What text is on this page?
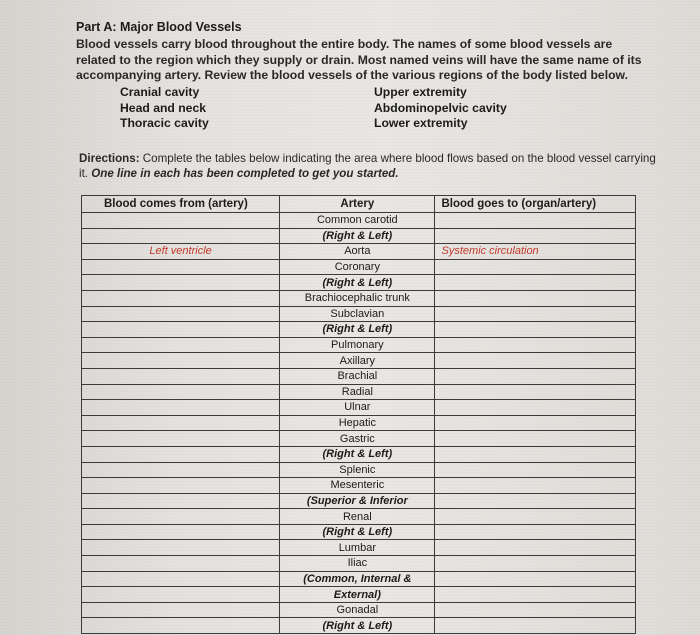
Part A: Major Blood Vessels
Blood vessels carry blood throughout the entire body. The names of some blood vessels are related to the region which they supply or drain. Most named veins will have the same name of its accompanying artery. Review the blood vessels of the various regions of the body listed below.
Cranial cavity
Head and neck
Thoracic cavity
Upper extremity
Abdominopelvic cavity
Lower extremity
Directions: Complete the tables below indicating the area where blood flows based on the blood vessel carrying it. One line in each has been completed to get you started.
Blood comes from (artery)	Artery	Blood goes to (organ/artery)
	Common carotid	
	(Right & Left)	
Left ventricle	Aorta	Systemic circulation
	Coronary	
	(Right & Left)	
	Brachiocephalic trunk	
	Subclavian	
	(Right & Left)	
	Pulmonary	
	Axillary	
	Brachial	
	Radial	
	Ulnar	
	Hepatic	
	Gastric	
	(Right & Left)	
	Splenic	
	Mesenteric	
	(Superior & Inferior	
	Renal	
	(Right & Left)	
	Lumbar	
	Iliac	
	(Common, Internal &	
	External)	
	Gonadal	
	(Right & Left)	
